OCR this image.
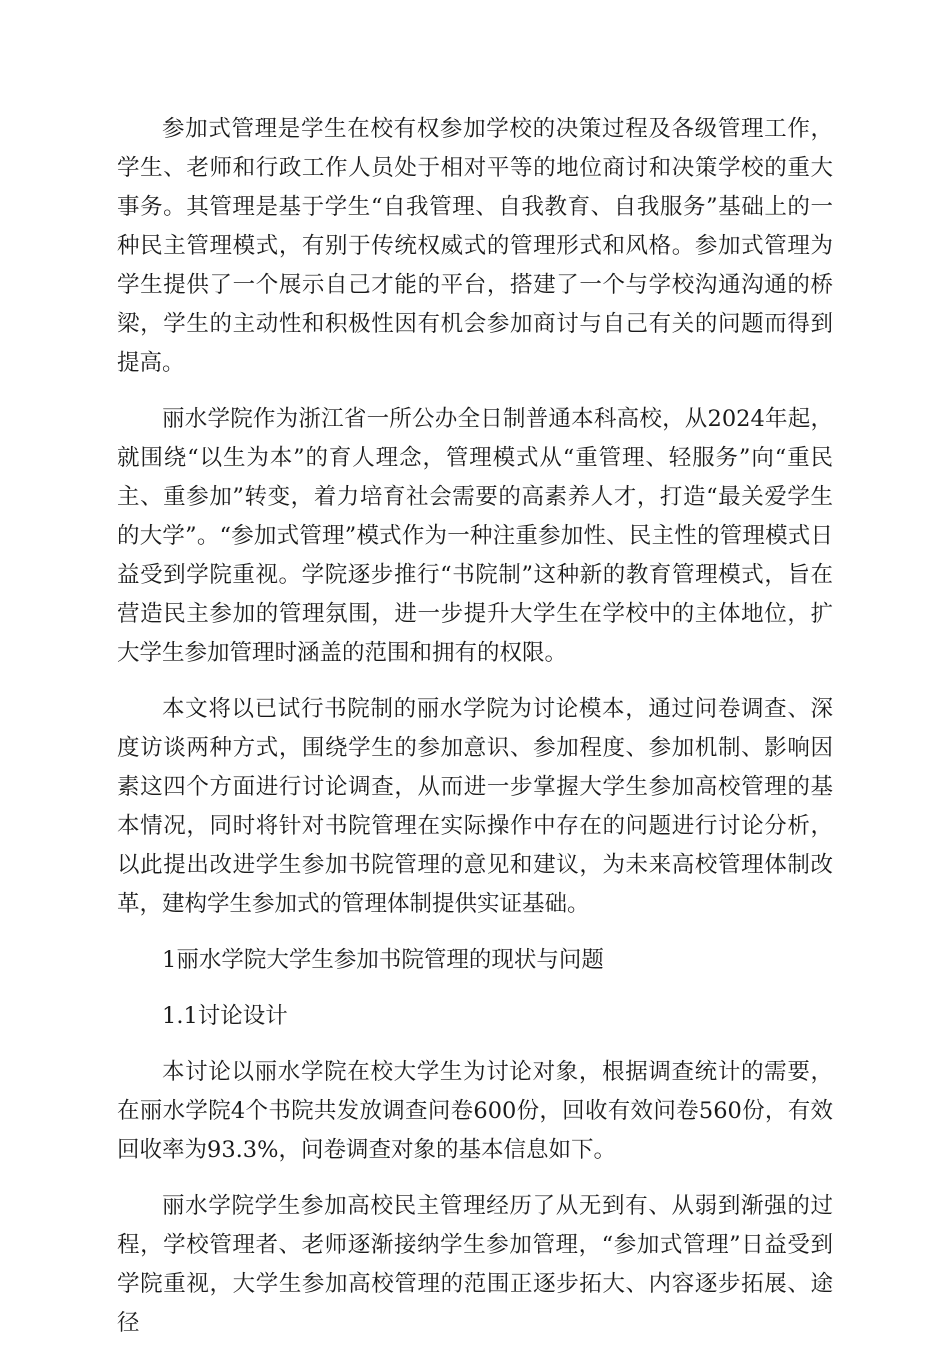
参加式管理是学生在校有权参加学校的决策过程及各级管理工作，学生、老师和行政工作人员处于相对平等的地位商讨和决策学校的重大事务。其管理是基于学生“自我管理、自我教育、自我服务”基础上的一种民主管理模式，有别于传统权威式的管理形式和风格。参加式管理为学生提供了一个展示自己才能的平台，搭建了一个与学校沟通沟通的桥梁，学生的主动性和积极性因有机会参加商讨与自己有关的问题而得到提高。

丽水学院作为浙江省一所公办全日制普通本科高校，从2024年起，就围绕“以生为本”的育人理念，管理模式从“重管理、轻服务”向“重民主、重参加”转变，着力培育社会需要的高素养人才，打造“最关爱学生的大学”。“参加式管理”模式作为一种注重参加性、民主性的管理模式日益受到学院重视。学院逐步推行“书院制”这种新的教育管理模式，旨在营造民主参加的管理氛围，进一步提升大学生在学校中的主体地位，扩大学生参加管理时涵盖的范围和拥有的权限。

本文将以已试行书院制的丽水学院为讨论模本，通过问卷调查、深度访谈两种方式，围绕学生的参加意识、参加程度、参加机制、影响因素这四个方面进行讨论调查，从而进一步掌握大学生参加高校管理的基本情况，同时将针对书院管理在实际操作中存在的问题进行讨论分析，以此提出改进学生参加书院管理的意见和建议，为未来高校管理体制改革，建构学生参加式的管理体制提供实证基础。

1丽水学院大学生参加书院管理的现状与问题

1.1讨论设计

本讨论以丽水学院在校大学生为讨论对象，根据调查统计的需要，在丽水学院4个书院共发放调查问卷600份，回收有效问卷560份，有效回收率为93.3%，问卷调查对象的基本信息如下。

丽水学院学生参加高校民主管理经历了从无到有、从弱到渐强的过程，学校管理者、老师逐渐接纳学生参加管理，“参加式管理”日益受到学院重视，大学生参加高校管理的范围正逐步拓大、内容逐步拓展、途径
